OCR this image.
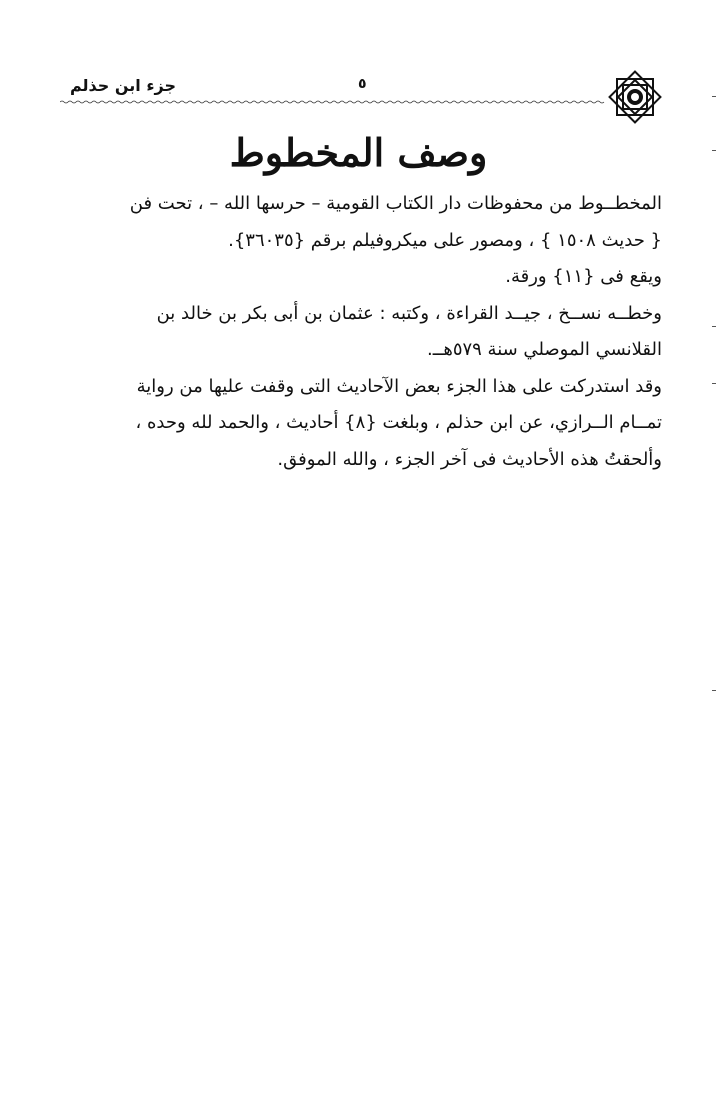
جزء ابن حذلم	٥
وصف المخطوط
المخطــوط من محفوظات دار الكتاب القومية – حرسها الله – ، تحت فن
{ حديث ١٥٠٨ } ، ومصور على ميكروفيلم برقم {٣٦٠٣٥}.
ويقع فى {١١} ورقة.
وخطــه نســخ ، جيــد القراءة ، وكتبه : عثمان بن أبى بكر بن خالد بن
القلانسي الموصلي سنة ٥٧٩هــ.
وقد استدركت على هذا الجزء بعض الآحاديث التى وقفت عليها من رواية
تمــام الــرازي، عن ابن حذلم ، وبلغت {٨} أحاديث ، والحمد لله وحده ،
وألحقتُ هذه الأحاديث فى آخر الجزء ، والله الموفق.
